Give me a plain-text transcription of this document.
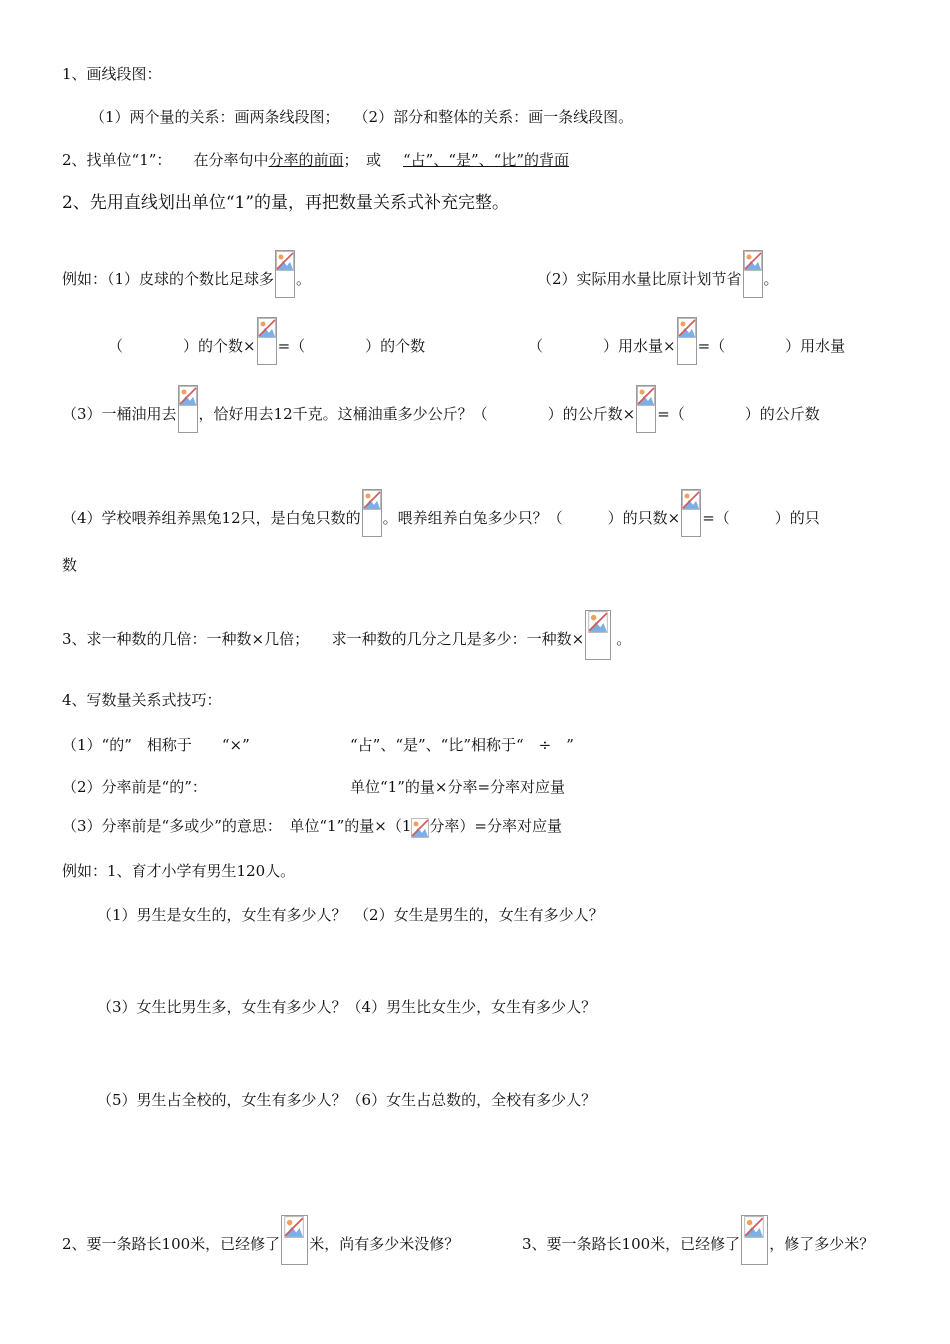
1、画线段图：
（1）两个量的关系：画两条线段图； （2）部分和整体的关系：画一条线段图。
2、找单位“1”： 在分率句中分率的前面；　或 “占”、“是”、“比”的背面
2、先用直线划出单位“1”的量，再把数量关系式补充完整。
例如：（1）皮球的个数比足球多 。	（2）实际用水量比原计划节省 。
（　　　　）的个数× =（　　　　）的个数	（　　　　）用水量× =（　　　　）用水量
（3）一桶油用去 ，恰好用去12千克。这桶油重多少公斤？（　　　　）的公斤数× =（　　　　）的公斤数
（4）学校喂养组养黑兔12只，是白兔只数的 。喂养组养白兔多少只？（　　　）的只数× =（　　　）的只
数
3、求一种数的几倍：一种数×几倍；　　求一种数的几分之几是多少：一种数× 。
4、写数量关系式技巧：
（1）“的”　相称于　　“×”	“占”、“是”、“比”相称于“　÷　”
（2）分率前是“的”：	单位“1”的量×分率=分率对应量
（3）分率前是“多或少”的意思：　单位“1”的量×（1 分率）=分率对应量
例如：1、育才小学有男生120人。
（1）男生是女生的，女生有多少人？　（2）女生是男生的，女生有多少人？
（3）女生比男生多，女生有多少人？（4）男生比女生少，女生有多少人？
（5）男生占全校的，女生有多少人？（6）女生占总数的，全校有多少人？
2、要一条路长100米，已经修了 米，尚有多少米没修？	3、要一条路长100米，已经修了 ，修了多少米？
